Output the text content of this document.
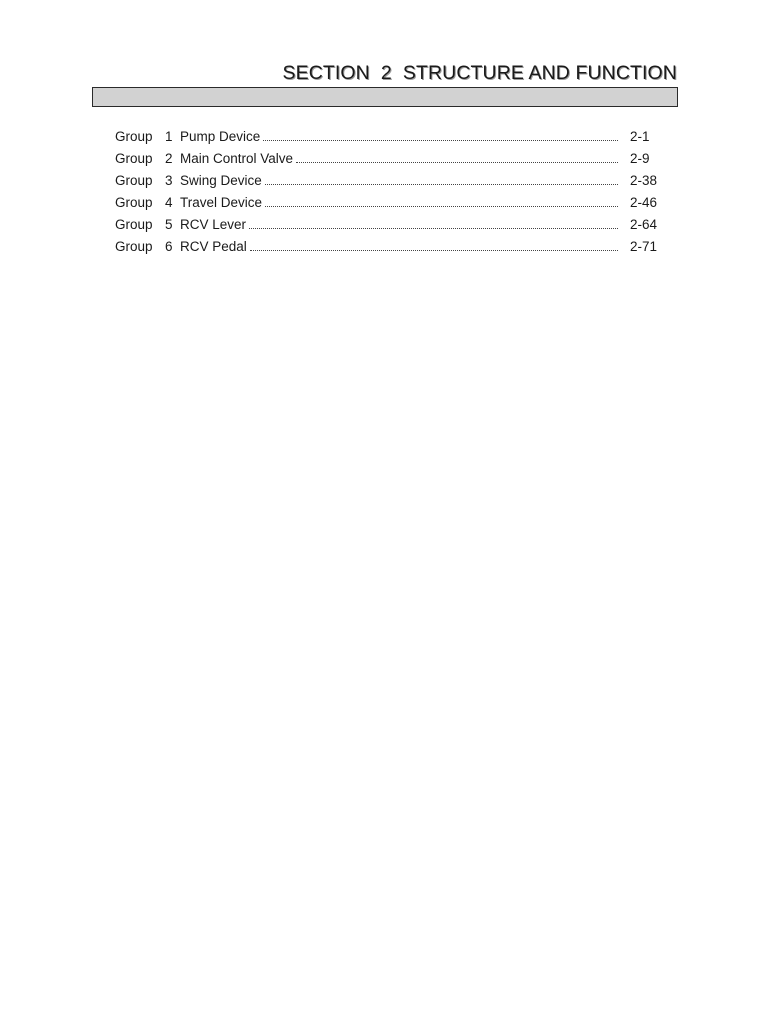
SECTION  2  STRUCTURE AND FUNCTION
Group 1 Pump Device	2-1
Group 2 Main Control Valve	2-9
Group 3 Swing Device	2-38
Group 4 Travel Device	2-46
Group 5 RCV Lever	2-64
Group 6 RCV Pedal	2-71
